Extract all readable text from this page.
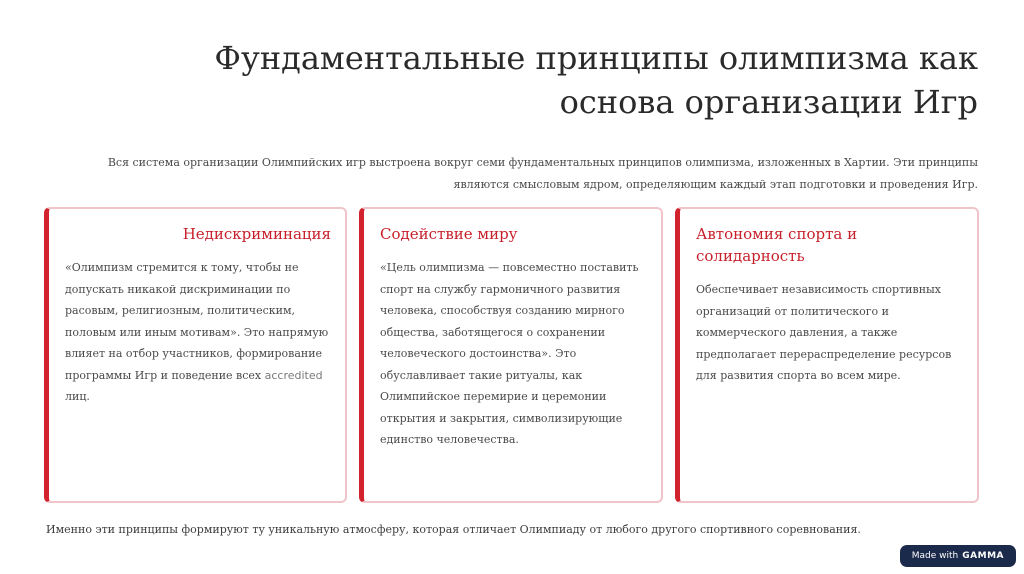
Фундаментальные принципы олимпизма как основа организации Игр

Вся система организации Олимпийских игр выстроена вокруг семи фундаментальных принципов олимпизма, изложенных в Хартии. Эти принципы являются смысловым ядром, определяющим каждый этап подготовки и проведения Игр.

Недискриминация

«Олимпизм стремится к тому, чтобы не допускать никакой дискриминации по расовым, религиозным, политическим, половым или иным мотивам». Это напрямую влияет на отбор участников, формирование программы Игр и поведение всех accredited лиц.

Содействие миру

«Цель олимпизма — повсеместно поставить спорт на службу гармоничного развития человека, способствуя созданию мирного общества, заботящегося о сохранении человеческого достоинства». Это обуславливает такие ритуалы, как Олимпийское перемирие и церемонии открытия и закрытия, символизирующие единство человечества.

Автономия спорта и солидарность

Обеспечивает независимость спортивных организаций от политического и коммерческого давления, а также предполагает перераспределение ресурсов для развития спорта во всем мире.

Именно эти принципы формируют ту уникальную атмосферу, которая отличает Олимпиаду от любого другого спортивного соревнования.

Made with GAMMA
